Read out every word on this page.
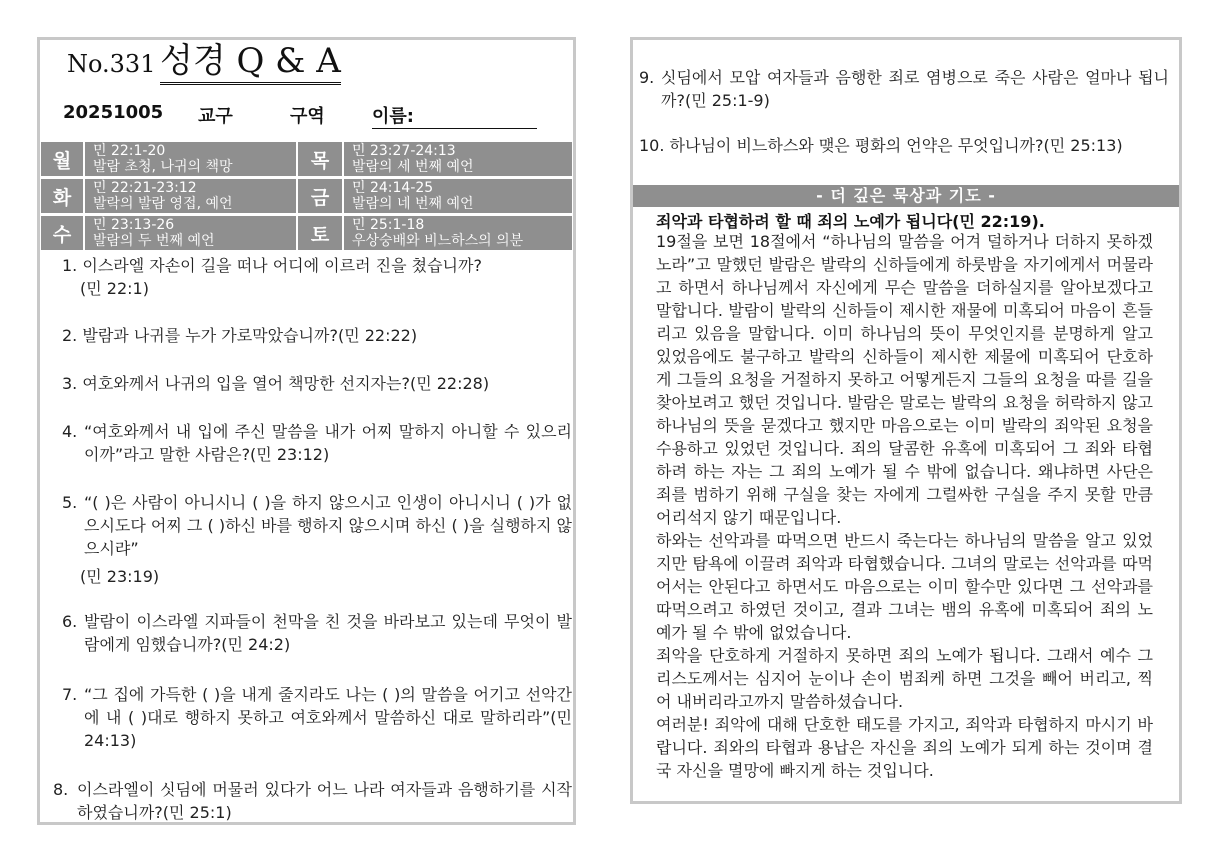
No.331 성경 Q & A
20251005 교구	구역	이름:
월	민 22:1-20
발람 초청, 나귀의 책망	목	민 23:27-24:13
발람의 세 번째 예언
화	민 22:21-23:12
발락의 발람 영접, 예언	금	민 24:14-25
발람의 네 번째 예언
수	민 23:13-26
발람의 두 번째 예언	토	민 25:1-18
우상숭배와 비느하스의 의분
1. 이스라엘 자손이 길을 떠나 어디에 이르러 진을 쳤습니까?
(민 22:1)
2. 발람과 나귀를 누가 가로막았습니까?(민 22:22)
3. 여호와께서 나귀의 입을 열어 책망한 선지자는?(민 22:28)
4. “여호와께서 내 입에 주신 말씀을 내가 어찌 말하지 아니할 수 있으리이까”라고 말한 사람은?(민 23:12)
5. “( )은 사람이 아니시니 ( )을 하지 않으시고 인생이 아니시니 ( )가 없으시도다 어찌 그 ( )하신 바를 행하지 않으시며 하신 ( )을 실행하지 않으시랴”
(민 23:19)
6. 발람이 이스라엘 지파들이 천막을 친 것을 바라보고 있는데 무엇이 발람에게 임했습니까?(민 24:2)
7. “그 집에 가득한 ( )을 내게 줄지라도 나는 ( )의 말씀을 어기고 선악간에 내 ( )대로 행하지 못하고 여호와께서 말씀하신 대로 말하리라”(민 24:13)
8. 이스라엘이 싯딤에 머물러 있다가 어느 나라 여자들과 음행하기를 시작하였습니까?(민 25:1)
9. 싯딤에서 모압 여자들과 음행한 죄로 염병으로 죽은 사람은 얼마나 됩니까?(민 25:1-9)
10. 하나님이 비느하스와 맺은 평화의 언약은 무엇입니까?(민 25:13)
- 더 깊은 묵상과 기도 -
죄악과 타협하려 할 때 죄의 노예가 됩니다(민 22:19).

19절을 보면 18절에서 “하나님의 말씀을 어겨 덜하거나 더하지 못하겠노라”고 말했던 발람은 발락의 신하들에게 하룻밤을 자기에게서 머물라고 하면서 하나님께서 자신에게 무슨 말씀을 더하실지를 알아보겠다고 말합니다. 발람이 발락의 신하들이 제시한 재물에 미혹되어 마음이 흔들리고 있음을 말합니다. 이미 하나님의 뜻이 무엇인지를 분명하게 알고 있었음에도 불구하고 발락의 신하들이 제시한 제물에 미혹되어 단호하게 그들의 요청을 거절하지 못하고 어떻게든지 그들의 요청을 따를 길을 찾아보려고 했던 것입니다. 발람은 말로는 발락의 요청을 허락하지 않고 하나님의 뜻을 묻겠다고 했지만 마음으로는 이미 발락의 죄악된 요청을 수용하고 있었던 것입니다. 죄의 달콤한 유혹에 미혹되어 그 죄와 타협하려 하는 자는 그 죄의 노예가 될 수 밖에 없습니다. 왜냐하면 사단은 죄를 범하기 위해 구실을 찾는 자에게 그럴싸한 구실을 주지 못할 만큼 어리석지 않기 때문입니다.

하와는 선악과를 따먹으면 반드시 죽는다는 하나님의 말씀을 알고 있었지만 탐욕에 이끌려 죄악과 타협했습니다. 그녀의 말로는 선악과를 따먹어서는 안된다고 하면서도 마음으로는 이미 할수만 있다면 그 선악과를 따먹으려고 하였던 것이고, 결과 그녀는 뱀의 유혹에 미혹되어 죄의 노예가 될 수 밖에 없었습니다.

죄악을 단호하게 거절하지 못하면 죄의 노예가 됩니다. 그래서 예수 그리스도께서는 심지어 눈이나 손이 범죄케 하면 그것을 빼어 버리고, 찍어 내버리라고까지 말씀하셨습니다.

여러분! 죄악에 대해 단호한 태도를 가지고, 죄악과 타협하지 마시기 바랍니다. 죄와의 타협과 용납은 자신을 죄의 노예가 되게 하는 것이며 결국 자신을 멸망에 빠지게 하는 것입니다.
